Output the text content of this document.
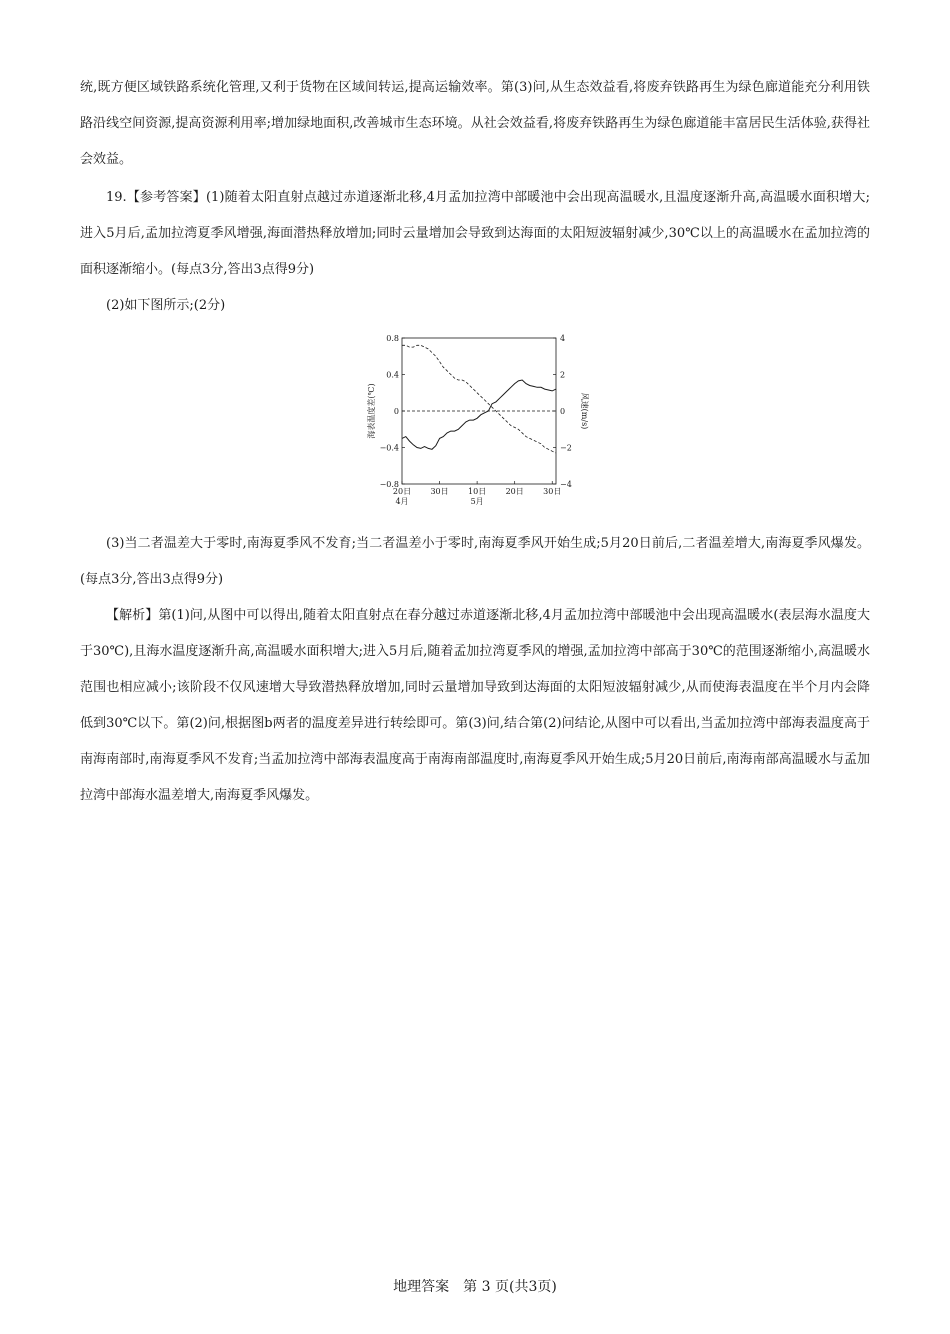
统,既方便区域铁路系统化管理,又利于货物在区域间转运,提高运输效率。第(3)问,从生态效益看,将废弃铁路再生为绿色廊道能充分利用铁路沿线空间资源,提高资源利用率;增加绿地面积,改善城市生态环境。从社会效益看,将废弃铁路再生为绿色廊道能丰富居民生活体验,获得社会效益。

19.【参考答案】(1)随着太阳直射点越过赤道逐渐北移,4月孟加拉湾中部暖池中会出现高温暖水,且温度逐渐升高,高温暖水面积增大;进入5月后,孟加拉湾夏季风增强,海面潜热释放增加;同时云量增加会导致到达海面的太阳短波辐射减少,30℃以上的高温暖水在孟加拉湾的面积逐渐缩小。(每点3分,答出3点得9分)

(2)如下图所示;(2分)

0.8
0.4
0
−0.4
−0.8
4
2
0
−2
−4
20日 30日 10日 20日 30日
4月	5月
海表温度差(℃)	风速(m/s)

(3)当二者温差大于零时,南海夏季风不发育;当二者温差小于零时,南海夏季风开始生成;5月20日前后,二者温差增大,南海夏季风爆发。(每点3分,答出3点得9分)

【解析】第(1)问,从图中可以得出,随着太阳直射点在春分越过赤道逐渐北移,4月孟加拉湾中部暖池中会出现高温暖水(表层海水温度大于30℃),且海水温度逐渐升高,高温暖水面积增大;进入5月后,随着孟加拉湾夏季风的增强,孟加拉湾中部高于30℃的范围逐渐缩小,高温暖水范围也相应减小;该阶段不仅风速增大导致潜热释放增加,同时云量增加导致到达海面的太阳短波辐射减少,从而使海表温度在半个月内会降低到30℃以下。第(2)问,根据图b两者的温度差异进行转绘即可。第(3)问,结合第(2)问结论,从图中可以看出,当孟加拉湾中部海表温度高于南海南部时,南海夏季风不发育;当孟加拉湾中部海表温度高于南海南部温度时,南海夏季风开始生成;5月20日前后,南海南部高温暖水与孟加拉湾中部海水温差增大,南海夏季风爆发。

地理答案　第 3 页(共3页)
